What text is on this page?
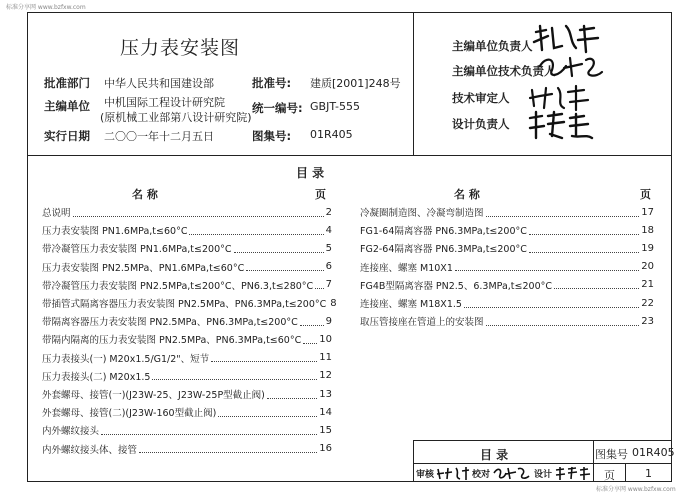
标准分享网 www.bzfxw.com
标准分享网 www.bzfxw.com
压力表安装图
批准部门 中华人民共和国建设部	批准号: 建质[2001]248号
主编单位 中机国际工程设计研究院
(原机械工业部第八设计研究院)
统一编号: GBJT-555
实行日期 二〇〇一年十二月五日	图集号: 01R405
主编单位负责人
主编单位技术负责人
技术审定人
设计负责人
目 录
名 称	页	名 称	页
总说明	2
压力表安装图 PN1.6MPa,t≤60°C	4
带冷凝管压力表安装图 PN1.6MPa,t≤200°C	5
压力表安装图 PN2.5MPa、PN1.6MPa,t≤60°C	6
带冷凝管压力表安装图 PN2.5MPa,t≤200°C、PN6.3,t≤280°C 7
带插管式隔离容器压力表安装图 PN2.5MPa、PN6.3MPa,t≤200°C 8
带隔离容器压力表安装图 PN2.5MPa、PN6.3MPa,t≤200°C	9
带隔内隔离的压力表安装图 PN2.5MPa、PN6.3MPa,t≤60°C 10
压力表接头(一) M20x1.5/G1/2"、短节	11
压力表接头(二) M20x1.5	12
外套螺母、接管(一)(J23W-25、J23W-25P型截止阀)	13
外套螺母、接管(二)(J23W-160型截止阀)	14
内外螺纹接头	15
内外螺纹接头体、接管	16
冷凝圈制造图、冷凝弯制造图	17
FG1-64隔离容器 PN6.3MPa,t≤200°C	18
FG2-64隔离容器 PN6.3MPa,t≤200°C	19
连接座、螺塞 M10X1	20
FG4B型隔离容器 PN2.5、6.3MPa,t≤200°C	21
连接座、螺塞 M18X1.5	22
取压管接座在管道上的安装图	23
目 录	图集号 01R405
审核	校对	设计	页	1
